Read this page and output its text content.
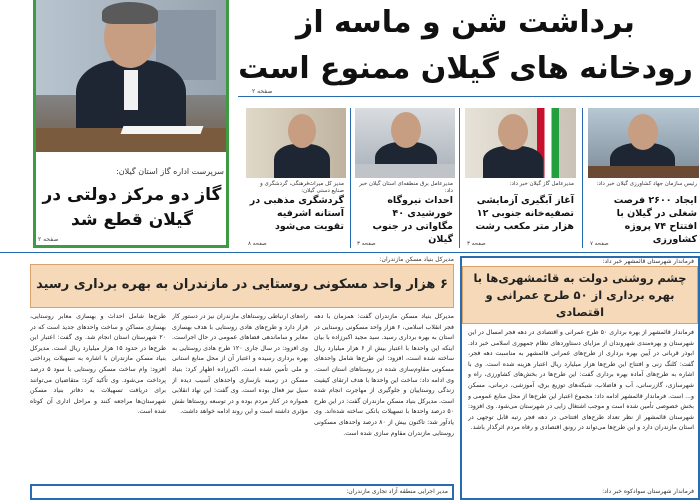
سرپرست اداره گاز استان گیلان:
گاز دو مرکز دولتی در گیلان قطع شد
صفحه ۲
برداشت شن و ماسه از رودخانه های گیلان ممنوع است
صفحه ۲
رئیس سازمان جهاد کشاورزی گیلان خبر داد:
ایجاد ۲۶۰۰ فرصت شغلی در گیلان با افتتاح ۷۴ پروژه کشاورزی
صفحه ۷
مدیرعامل گاز گیلان خبر داد:
آغاز آبگیری آزمایشی تصفیه‌خانه جنوبی ۱۲ هزار متر مکعب رشت
صفحه ۳
مدیرعامل برق منطقه‌ای استان گیلان خبر داد:
احداث نیروگاه خورشیدی ۴۰ مگاواتی در جنوب گیلان
صفحه ۳
مدیر کل میراث‌فرهنگی، گردشگری و صنایع دستی گیلان:
گردشگری مذهبی در آستانه اشرفیه تقویت می‌شود
صفحه ۸
فرماندار شهرستان قائمشهر خبر داد:
چشم روشنی دولت به قائمشهری‌ها با بهره برداری از ۵۰ طرح عمرانی و اقتصادی
فرماندار قائمشهر از بهره برداری ۵۰ طرح عمرانی و اقتصادی در دهه فجر امسال در این شهرستان و بهره‌مندی شهروندان از مزایای دستاوردهای نظام جمهوری اسلامی خبر داد. ابوذر قربانی در آیین بهره برداری از طرح‌های عمرانی قائمشهر به مناسبت دهه فجر، گفت: کلنگ زنی و افتتاح این طرح‌ها هزار میلیارد ریال اعتبار هزینه شده است. وی با اشاره به طرح‌های آماده بهره برداری گفت: این طرح‌ها در بخش‌های کشاورزی، راه و شهرسازی، گازرسانی، آب و فاضلاب، شبکه‌های توزیع برق، آموزشی، درمانی، مسکن و... است. فرماندار قائمشهر ادامه داد: مجموع اعتبار این طرح‌ها از محل منابع عمومی و بخش خصوصی تأمین شده است و موجب اشتغال زایی در شهرستان می‌شود. وی افزود: شهرستان قائمشهر از نظر تعداد طرح‌های افتتاحی در دهه فجر رتبه قابل توجهی در استان مازندران دارد و این طرح‌ها می‌تواند در رونق اقتصادی و رفاه مردم اثرگذار باشد.
فرماندار شهرستان سوادکوه خبر داد:
مدیرکل بنیاد مسکن مازندران:
۶ هزار واحد مسکونی روستایی در مازندران به بهره برداری رسید
مدیرکل بنیاد مسکن مازندران گفت: همزمان با دهه فجر انقلاب اسلامی، ۶ هزار واحد مسکونی روستایی در استان به بهره برداری رسید. سید مجید اکبرزاده با بیان اینکه این واحدها با اعتبار بیش از ۶ هزار میلیارد ریال ساخته شده است، افزود: این طرح‌ها شامل واحدهای مسکونی مقاوم‌سازی شده در روستاهای استان است. وی ادامه داد: ساخت این واحدها با هدف ارتقای کیفیت زندگی روستاییان و جلوگیری از مهاجرت انجام شده است. مدیرکل بنیاد مسکن مازندران گفت: در این طرح ۵۰ درصد واحدها با تسهیلات بانکی ساخته شده‌اند. وی یادآور شد: تاکنون بیش از ۸۰ درصد واحدهای مسکونی روستایی مازندران مقاوم سازی شده است.
راه‌های ارتباطی روستاهای مازندران نیز در دستور کار قرار دارد و طرح‌های هادی روستایی با هدف بهسازی معابر و ساماندهی فضاهای عمومی در حال اجراست. وی افزود: در سال جاری ۱۲۰ طرح هادی روستایی به بهره برداری رسیده و اعتبار آن از محل منابع استانی و ملی تأمین شده است. اکبرزاده اظهار کرد: بنیاد مسکن در زمینه بازسازی واحدهای آسیب دیده از سیل نیز فعال بوده است. وی گفت: این نهاد انقلابی همواره در کنار مردم بوده و در توسعه روستاها نقش مؤثری داشته است و این روند ادامه خواهد داشت.
طرح‌ها شامل احداث و بهسازی معابر روستایی، بهسازی مساکن و ساخت واحدهای جدید است که در ۲۰ شهرستان استان انجام شد. وی گفت: اعتبار این طرح‌ها در حدود ۱۵ هزار میلیارد ریال است. مدیرکل بنیاد مسکن مازندران با اشاره به تسهیلات پرداختی افزود: وام ساخت مسکن روستایی با سود ۵ درصد پرداخت می‌شود. وی تأکید کرد: متقاضیان می‌توانند برای دریافت تسهیلات به دفاتر بنیاد مسکن شهرستان‌ها مراجعه کنند و مراحل اداری آن کوتاه شده است.
مدیر اجرایی منطقه آزاد تجاری مازندران:
